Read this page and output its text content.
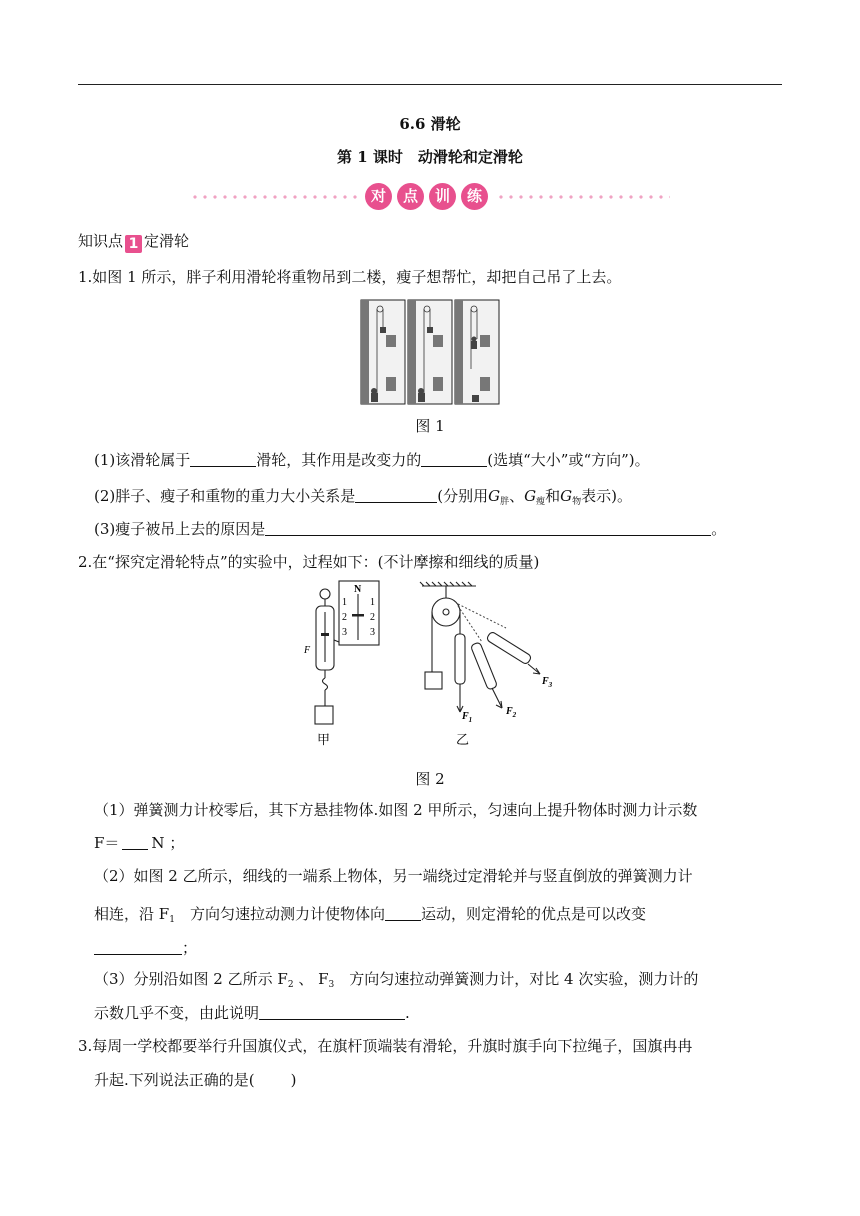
6.6 滑轮
第 1 课时　动滑轮和定滑轮
对	点	训	练
知识点 1 定滑轮
1.如图 1 所示，胖子利用滑轮将重物吊到二楼，瘦子想帮忙，却把自己吊了上去。
图 1
(1)该滑轮属于	滑轮，其作用是改变力的	(选填“大小”或“方向”)。
(2)胖子、瘦子和重物的重力大小关系是	(分别用$G_胖$、$G_瘦$和$G_物$表示)。
(3)瘦子被吊上去的原因是	。
2.在“探究定滑轮特点”的实验中，过程如下：(不计摩擦和细线的质量)
N
1 1
2 2
3 3
F
甲
$F_1$
$F_2$
$F_3$
乙
图 2
（1）弹簧测力计校零后，其下方悬挂物体.如图 2 甲所示，匀速向上提升物体时测力计示数
F＝ N ；
（2）如图 2 乙所示，细线的一端系上物体，另一端绕过定滑轮并与竖直倒放的弹簧测力计
相连，沿 $F_1$　方向匀速拉动测力计使物体向 运动，则定滑轮的优点是可以改变
；
（3）分别沿如图 2 乙所示 $F_2$ 、 $F_3$　方向匀速拉动弹簧测力计，对比 4 次实验，测力计的
示数几乎不变，由此说明	.
3.每周一学校都要举行升国旗仪式，在旗杆顶端装有滑轮，升旗时旗手向下拉绳子，国旗冉冉
升起.下列说法正确的是( )
